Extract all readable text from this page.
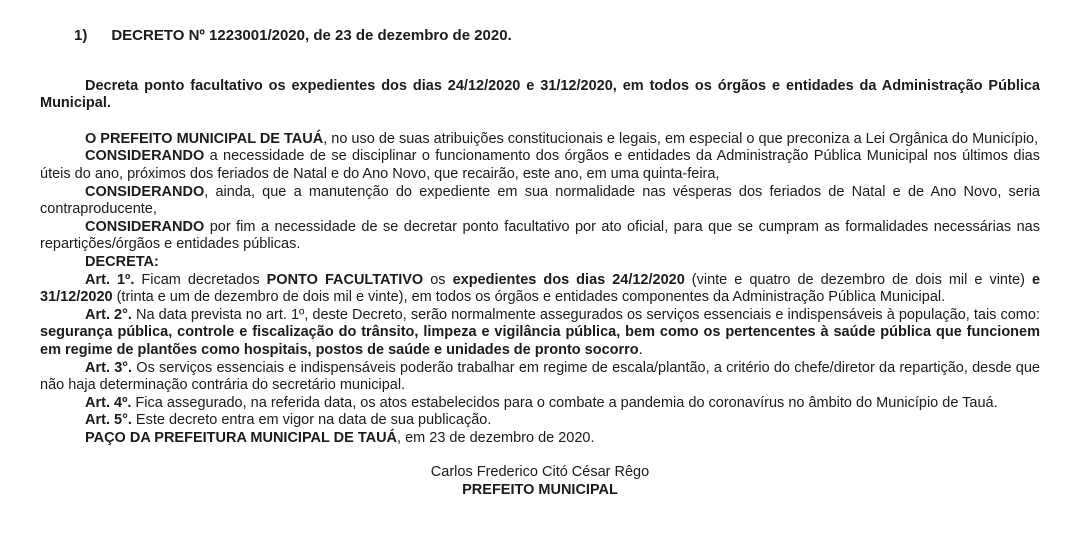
1) DECRETO Nº 1223001/2020, de 23 de dezembro de 2020.

Decreta ponto facultativo os expedientes dos dias 24/12/2020 e 31/12/2020, em todos os órgãos e entidades da Administração Pública Municipal.

O PREFEITO MUNICIPAL DE TAUÁ, no uso de suas atribuições constitucionais e legais, em especial o que preconiza a Lei Orgânica do Município,

CONSIDERANDO a necessidade de se disciplinar o funcionamento dos órgãos e entidades da Administração Pública Municipal nos últimos dias úteis do ano, próximos dos feriados de Natal e do Ano Novo, que recairão, este ano, em uma quinta-feira,

CONSIDERANDO, ainda, que a manutenção do expediente em sua normalidade nas vésperas dos feriados de Natal e de Ano Novo, seria contraproducente,

CONSIDERANDO por fim a necessidade de se decretar ponto facultativo por ato oficial, para que se cumpram as formalidades necessárias nas repartições/órgãos e entidades públicas.

DECRETA:

Art. 1º. Ficam decretados PONTO FACULTATIVO os expedientes dos dias 24/12/2020 (vinte e quatro de dezembro de dois mil e vinte) e 31/12/2020 (trinta e um de dezembro de dois mil e vinte), em todos os órgãos e entidades componentes da Administração Pública Municipal.

Art. 2°. Na data prevista no art. 1º, deste Decreto, serão normalmente assegurados os serviços essenciais e indispensáveis à população, tais como: segurança pública, controle e fiscalização do trânsito, limpeza e vigilância pública, bem como os pertencentes à saúde pública que funcionem em regime de plantões como hospitais, postos de saúde e unidades de pronto socorro.

Art. 3°. Os serviços essenciais e indispensáveis poderão trabalhar em regime de escala/plantão, a critério do chefe/diretor da repartição, desde que não haja determinação contrária do secretário municipal.

Art. 4º. Fica assegurado, na referida data, os atos estabelecidos para o combate a pandemia do coronavírus no âmbito do Município de Tauá.

Art. 5°. Este decreto entra em vigor na data de sua publicação.

PAÇO DA PREFEITURA MUNICIPAL DE TAUÁ, em 23 de dezembro de 2020.

Carlos Frederico Citó César Rêgo
PREFEITO MUNICIPAL
